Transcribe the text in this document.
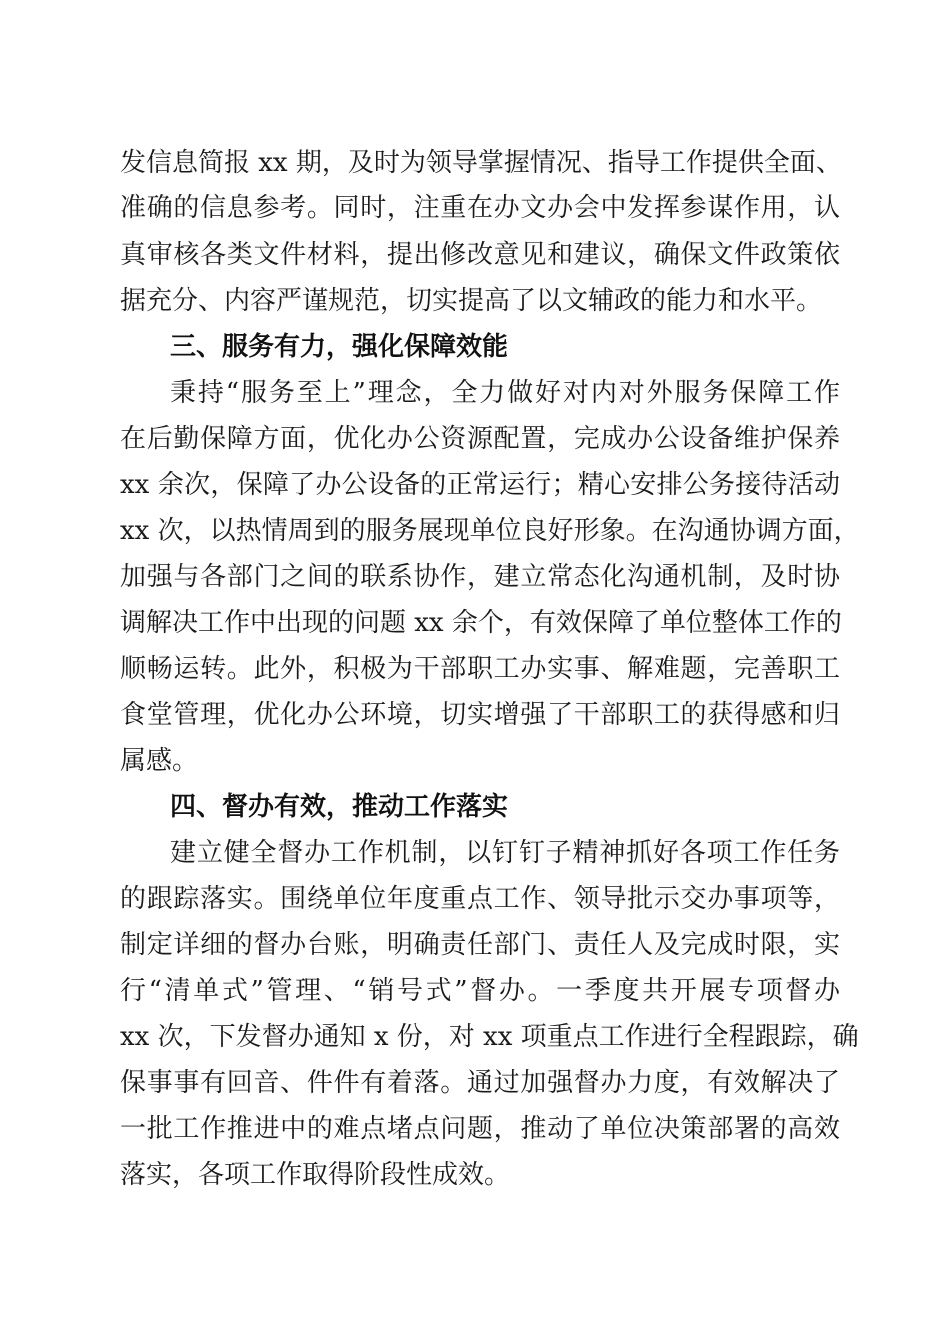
发信息简报 xx 期，及时为领导掌握情况、指导工作提供全面、
准确的信息参考。同时，注重在办文办会中发挥参谋作用，认
真审核各类文件材料，提出修改意见和建议，确保文件政策依
据充分、内容严谨规范，切实提高了以文辅政的能力和水平。
三、服务有力，强化保障效能
秉持“服务至上”理念，全力做好对内对外服务保障工作
在后勤保障方面，优化办公资源配置，完成办公设备维护保养
xx 余次，保障了办公设备的正常运行；精心安排公务接待活动
xx 次，以热情周到的服务展现单位良好形象。在沟通协调方面，
加强与各部门之间的联系协作，建立常态化沟通机制，及时协
调解决工作中出现的问题 xx 余个，有效保障了单位整体工作的
顺畅运转。此外，积极为干部职工办实事、解难题，完善职工
食堂管理，优化办公环境，切实增强了干部职工的获得感和归
属感。
四、督办有效，推动工作落实
建立健全督办工作机制，以钉钉子精神抓好各项工作任务
的跟踪落实。围绕单位年度重点工作、领导批示交办事项等，
制定详细的督办台账，明确责任部门、责任人及完成时限，实
行“清单式”管理、“销号式”督办。一季度共开展专项督办
xx 次，下发督办通知 x 份，对 xx 项重点工作进行全程跟踪，确
保事事有回音、件件有着落。通过加强督办力度，有效解决了
一批工作推进中的难点堵点问题，推动了单位决策部署的高效
落实，各项工作取得阶段性成效。
